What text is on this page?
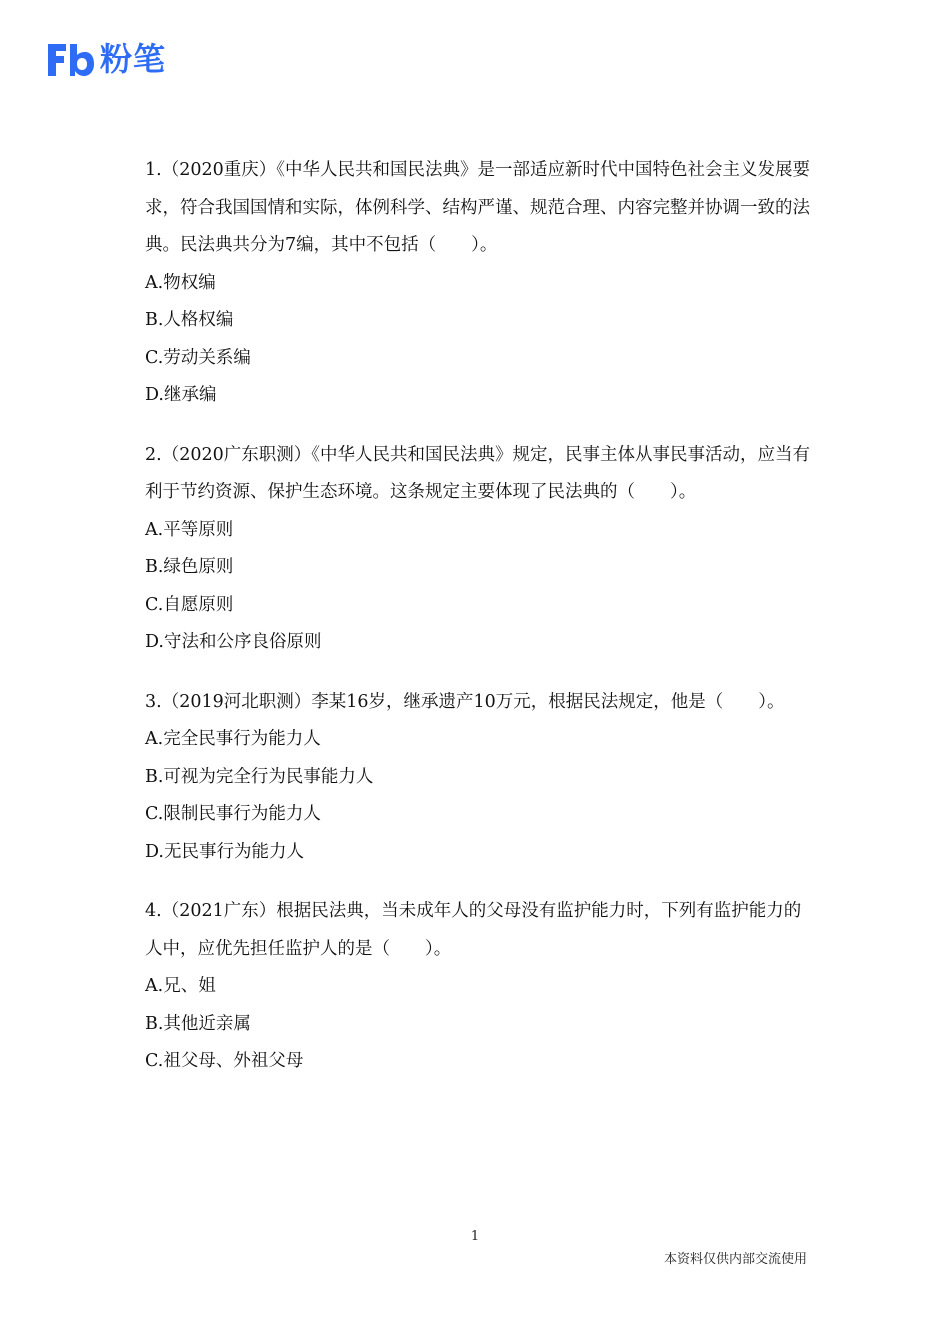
粉笔

1.（2020重庆）《中华人民共和国民法典》是一部适应新时代中国特色社会主义发展要求，符合我国国情和实际，体例科学、结构严谨、规范合理、内容完整并协调一致的法典。民法典共分为7编，其中不包括（　　）。

A.物权编
B.人格权编
C.劳动关系编
D.继承编

2.（2020广东职测）《中华人民共和国民法典》规定，民事主体从事民事活动，应当有利于节约资源、保护生态环境。这条规定主要体现了民法典的（　　）。

A.平等原则
B.绿色原则
C.自愿原则
D.守法和公序良俗原则

3.（2019河北职测）李某16岁，继承遗产10万元，根据民法规定，他是（　　）。

A.完全民事行为能力人
B.可视为完全行为民事能力人
C.限制民事行为能力人
D.无民事行为能力人

4.（2021广东）根据民法典，当未成年人的父母没有监护能力时，下列有监护能力的人中，应优先担任监护人的是（　　）。

A.兄、姐
B.其他近亲属
C.祖父母、外祖父母
1
本资料仅供内部交流使用
